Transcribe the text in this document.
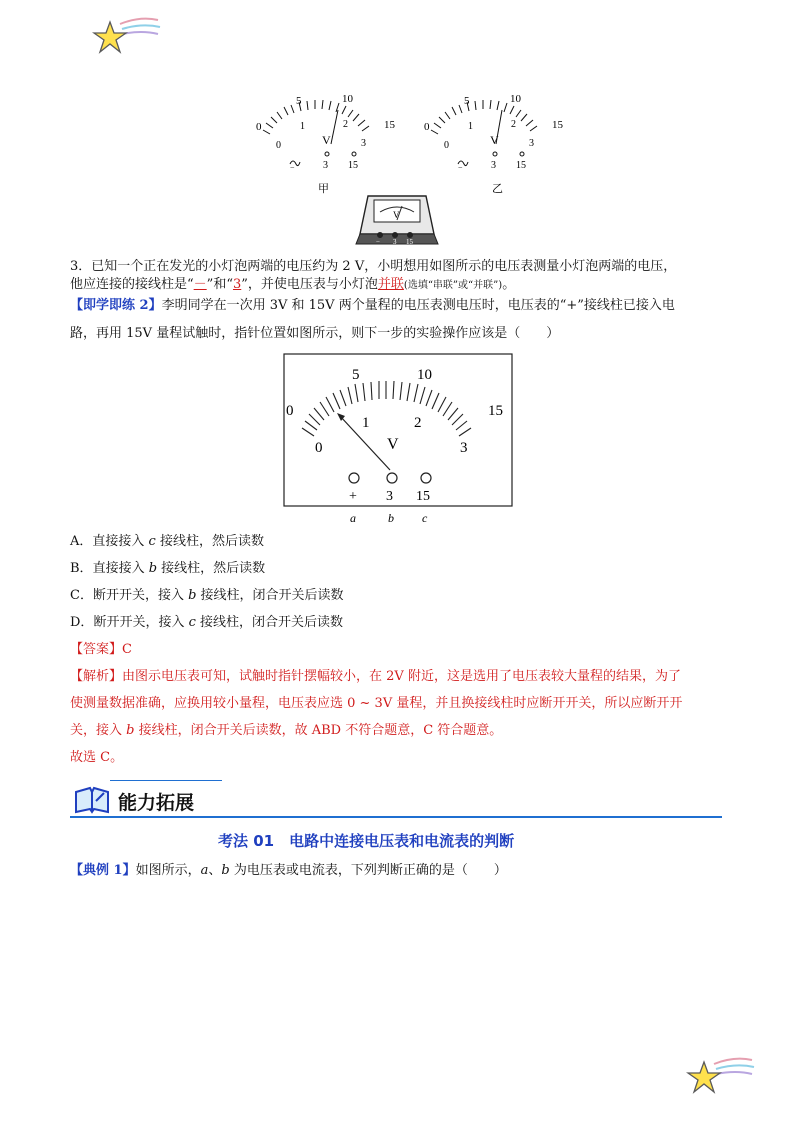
0
5	10
15
0
1	2
3
V
−	3 15
甲
0
5	10
15
0
1	2
3
V
−	3 15
乙
V
− 3 15
3．已知一个正在发光的小灯泡两端的电压约为 2 V，小明想用如图所示的电压表测量小灯泡两端的电压，
他应连接的接线柱是“－”和“3”，并使电压表与小灯泡并联(选填“串联”或“并联”)。
【即学即练 2】李明同学在一次用 3V 和 15V 两个量程的电压表测电压时，电压表的“+”接线柱已接入电
路，再用 15V 量程试触时，指针位置如图所示，则下一步的实验操作应该是（　　）
0
5	10
15
0
1	2
3
V
+ 3 15
a	b c
A．直接接入 c 接线柱，然后读数
B．直接接入 b 接线柱，然后读数
C．断开开关，接入 b 接线柱，闭合开关后读数
D．断开开关，接入 c 接线柱，闭合开关后读数
【答案】C
【解析】由图示电压表可知，试触时指针摆幅较小，在 2V 附近，这是选用了电压表较大量程的结果，为了
使测量数据准确，应换用较小量程，电压表应选 0 ~ 3V 量程，并且换接线柱时应断开开关，所以应断开开
关，接入 b 接线柱，闭合开关后读数，故 ABD 不符合题意，C 符合题意。
故选 C。
能力拓展
考法 01　电路中连接电压表和电流表的判断
【典例 1】如图所示，a、b 为电压表或电流表，下列判断正确的是（　　）
